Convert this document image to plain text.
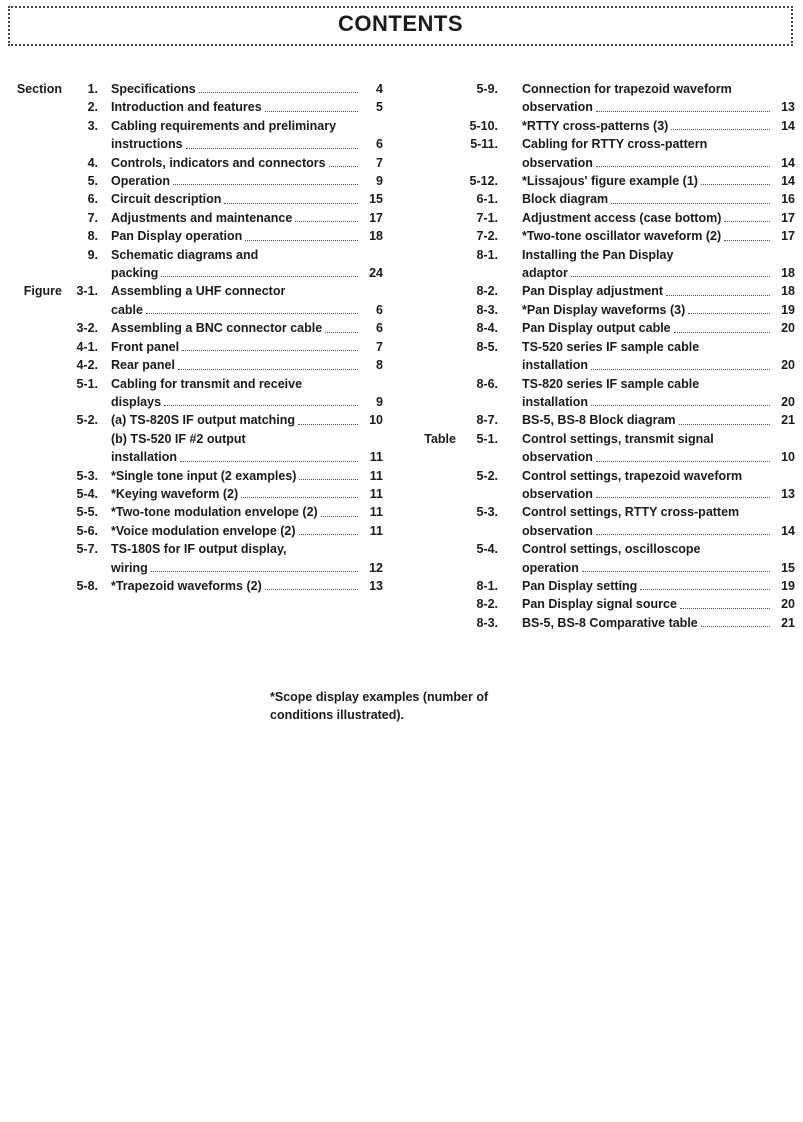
CONTENTS
Section	1. Specifications	4
2. Introduction and features	5
3. Cabling requirements and preliminary
instructions	6
4. Controls, indicators and connectors	7
5. Operation	9
6. Circuit description	15
7. Adjustments and maintenance	17
8. Pan Display operation	18
9. Schematic diagrams and
packing	24
Figure	3-1. Assembling a UHF connector
cable	6
3-2. Assembling a BNC connector cable	6
4-1. Front panel	7
4-2. Rear panel	8
5-1. Cabling for transmit and receive
displays	9
5-2. (a) TS-820S IF output matching	10
(b) TS-520 IF #2 output
installation	11
5-3. *Single tone input (2 examples)	11
5-4. *Keying waveform (2)	11
5-5. *Two-tone modulation envelope (2)	11
5-6. *Voice modulation envelope (2)	11
5-7. TS-180S for IF output display,
wiring	12
5-8. *Trapezoid waveforms (2)	13
5-9. Connection for trapezoid waveform
observation	13
5-10. *RTTY cross-patterns (3)	14
5-11. Cabling for RTTY cross-pattern
observation	14
5-12. *Lissajous' figure example (1)	14
6-1. Block diagram	16
7-1. Adjustment access (case bottom)	17
7-2. *Two-tone oscillator waveform (2)	17
8-1. Installing the Pan Display
adaptor	18
8-2. Pan Display adjustment	18
8-3. *Pan Display waveforms (3)	19
8-4. Pan Display output cable	20
8-5. TS-520 series IF sample cable
installation	20
8-6. TS-820 series IF sample cable
installation	20
8-7. BS-5, BS-8 Block diagram	21
Table	5-1. Control settings, transmit signal
observation	10
5-2. Control settings, trapezoid waveform
observation	13
5-3. Control settings, RTTY cross-pattem
observation	14
5-4. Control settings, oscilloscope
operation	15
8-1. Pan Display setting	19
8-2. Pan Display signal source	20
8-3. BS-5, BS-8 Comparative table	21
*Scope display examples (number of
conditions illustrated).
